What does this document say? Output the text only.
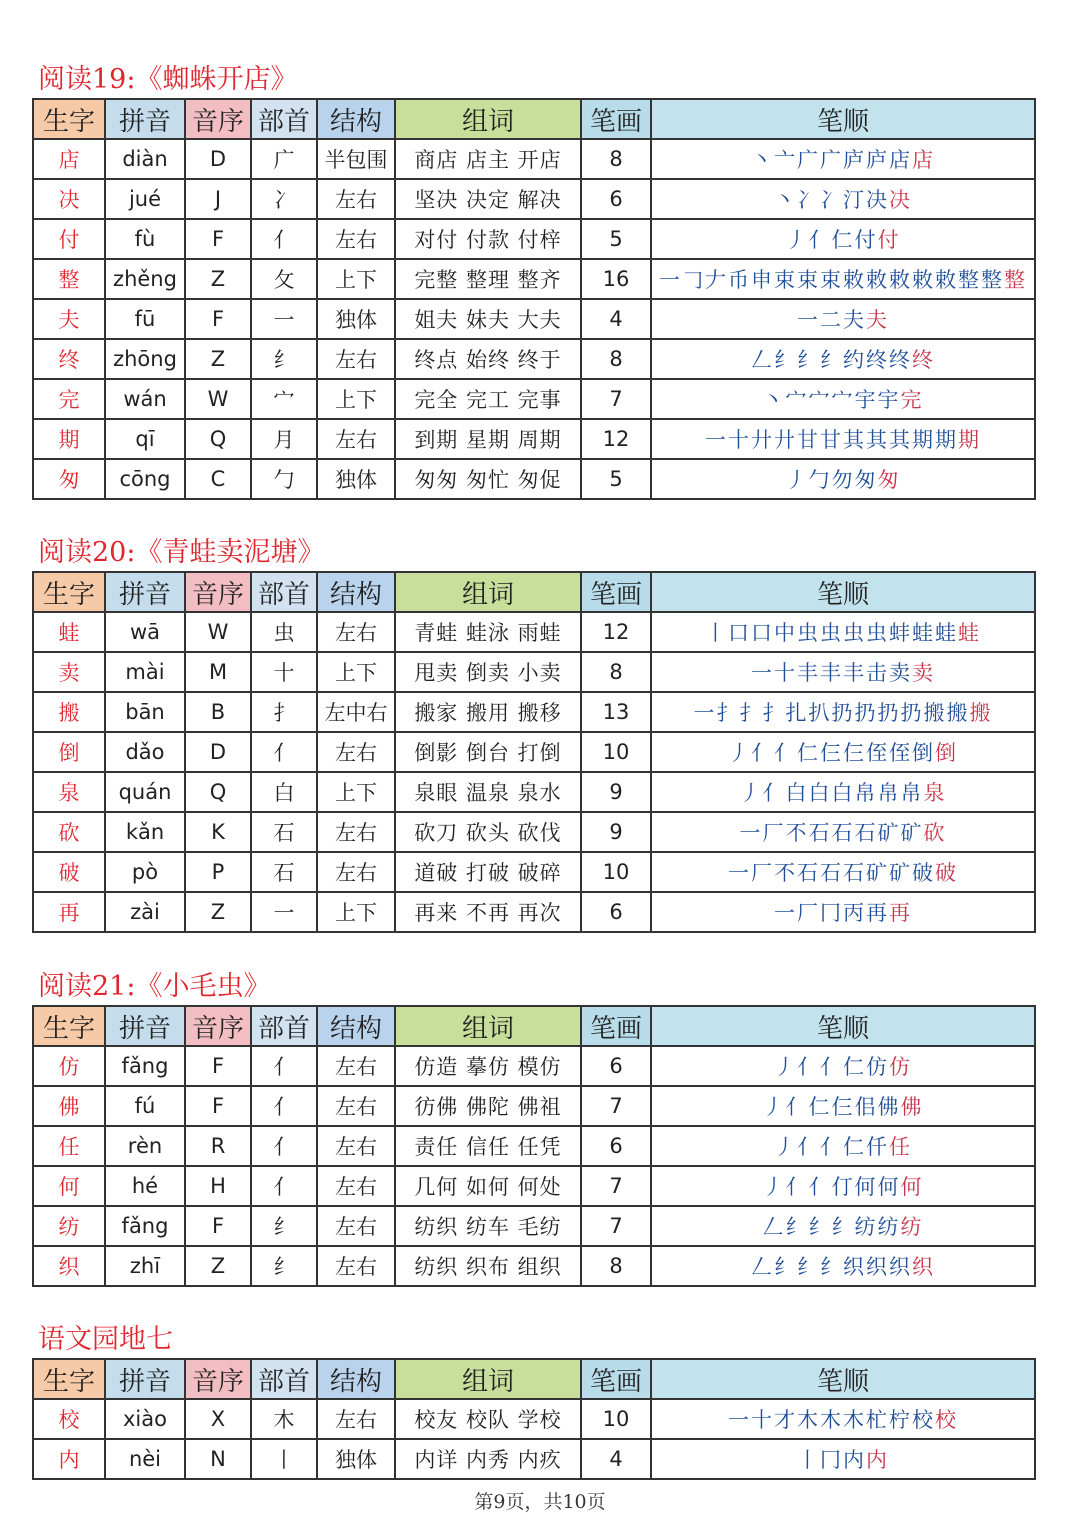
阅读19:《蜘蛛开店》
生字	拼音	音序	部首	结构	组词	笔画	笔顺
店	diàn	D	广	半包围	商店 店主 开店	8	丶亠广广庐庐店店
决	jué	J	冫	左右	坚决 决定 解决	6	丶冫冫汀决决
付	fù	F	亻	左右	对付 付款 付梓	5	丿亻仁付付
整	zhěng	Z	攵	上下	完整 整理 整齐	16	一𠃌𠂇币申束束束敕敕敕敕敕整整整
夫	fū	F	一	独体	姐夫 妹夫 大夫	4	一二夫夫
终	zhōng	Z	纟	左右	终点 始终 终于	8	𠃋纟纟纟约终终终
完	wán	W	宀	上下	完全 完工 完事	7	丶宀宀宀宇宇完
期	qī	Q	月	左右	到期 星期 周期	12	一十廾廾甘甘其其其期期期
匆	cōng	C	勹	独体	匆匆 匆忙 匆促	5	丿勹勿匆匆
阅读20:《青蛙卖泥塘》
生字	拼音	音序	部首	结构	组词	笔画	笔顺
蛙	wā	W	虫	左右	青蛙 蛙泳 雨蛙	12	丨口口中虫虫虫虫蚌蛙蛙蛙
卖	mài	M	十	上下	甩卖 倒卖 小卖	8	一十丰丰丰击卖卖
搬	bān	B	扌	左中右	搬家 搬用 搬移	13	一扌扌扌扎扒扔扔扔扔搬搬搬
倒	dǎo	D	亻	左右	倒影 倒台 打倒	10	丿亻亻仁仨仨侄侄倒倒
泉	quán	Q	白	上下	泉眼 温泉 泉水	9	丿亻白白白帛帛帛泉
砍	kǎn	K	石	左右	砍刀 砍头 砍伐	9	一厂不石石石矿矿砍
破	pò	P	石	左右	道破 打破 破碎	10	一厂不石石石矿矿破破
再	zài	Z	一	上下	再来 不再 再次	6	一厂冂丙再再
阅读21:《小毛虫》
生字	拼音	音序	部首	结构	组词	笔画	笔顺
仿	fǎng	F	亻	左右	仿造 摹仿 模仿	6	丿亻亻仁仿仿
佛	fú	F	亻	左右	彷佛 佛陀 佛祖	7	丿亻仁仨佀佛佛
任	rèn	R	亻	左右	责任 信任 任凭	6	丿亻亻仁仟任
何	hé	H	亻	左右	几何 如何 何处	7	丿亻亻仃何何何
纺	fǎng	F	纟	左右	纺织 纺车 毛纺	7	𠃋纟纟纟纺纺纺
织	zhī	Z	纟	左右	纺织 织布 组织	8	𠃋纟纟纟织织织织
语文园地七
生字	拼音	音序	部首	结构	组词	笔画	笔顺
校	xiào	X	木	左右	校友 校队 学校	10	一十才木木木杧柠校校
内	nèi	N	丨	独体	内详 内秀 内疚	4	丨冂内内
第9页，共10页
